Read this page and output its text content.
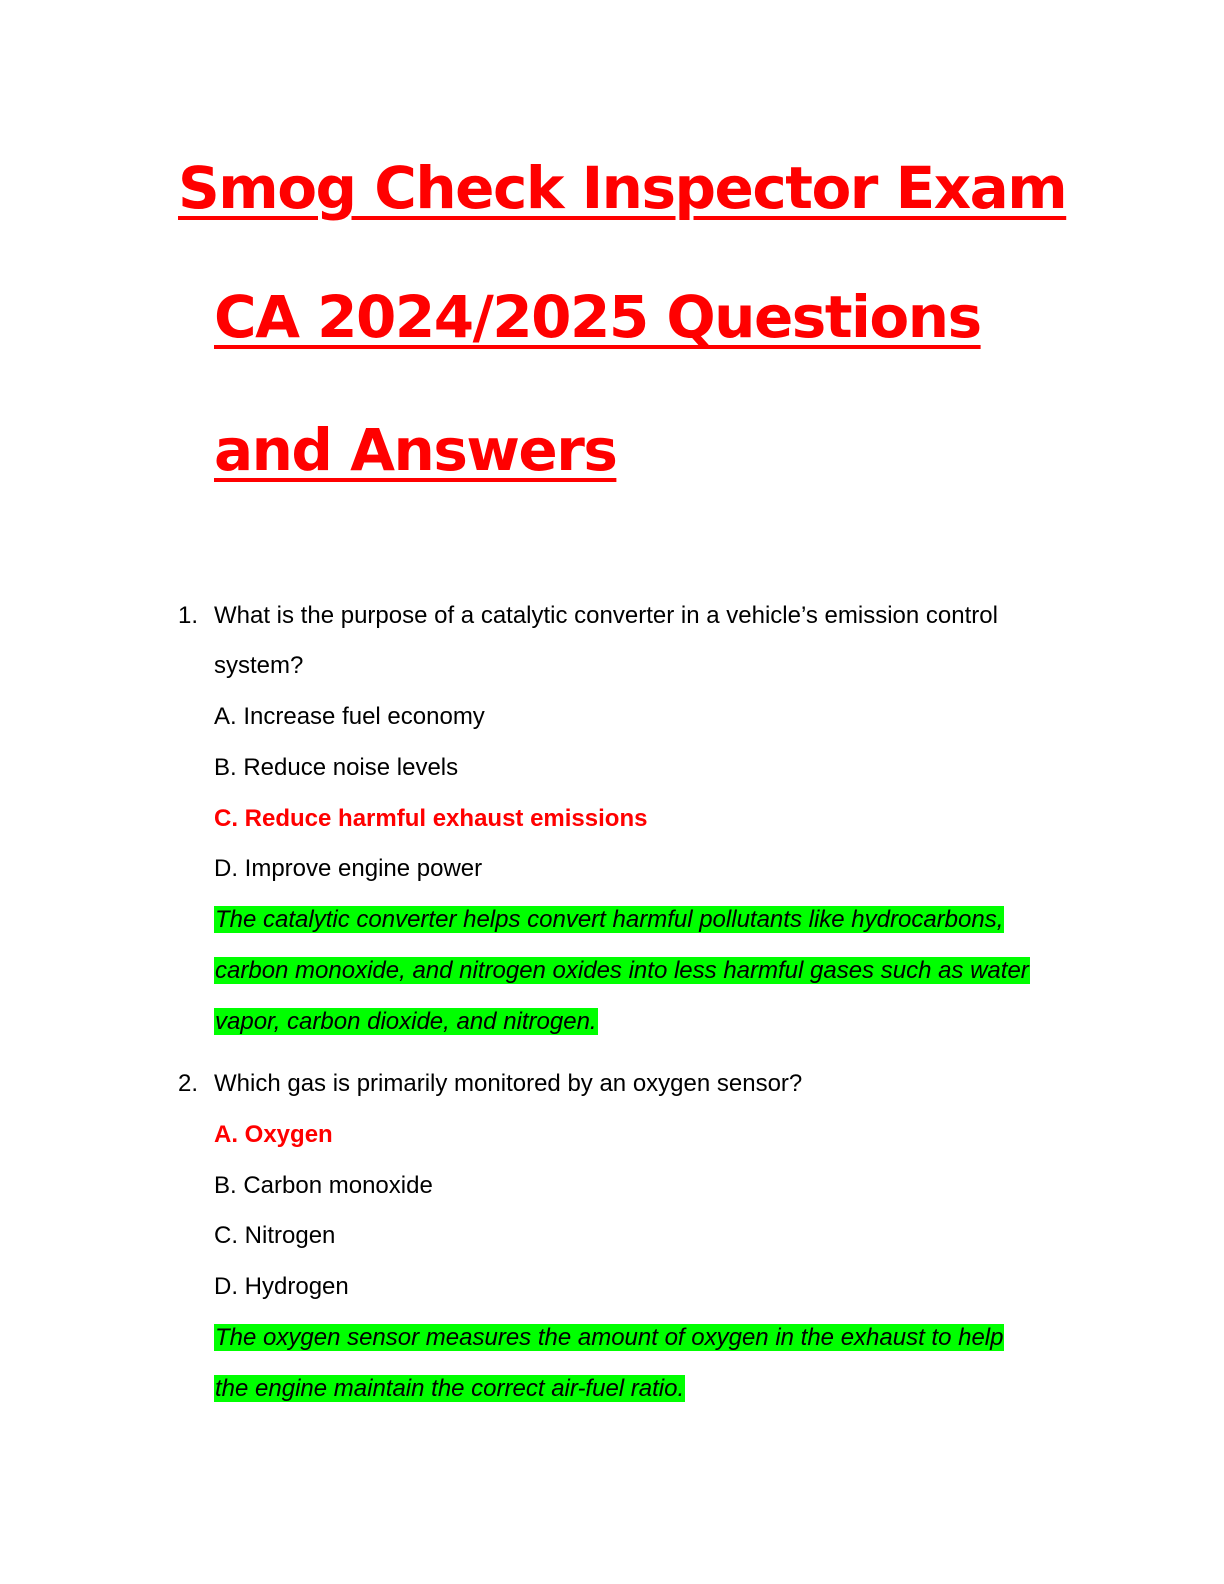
Smog Check Inspector Exam
CA 2024/2025 Questions
and Answers

1. What is the purpose of a catalytic converter in a vehicle’s emission control

system?

A. Increase fuel economy

B. Reduce noise levels

C. Reduce harmful exhaust emissions

D. Improve engine power

The catalytic converter helps convert harmful pollutants like hydrocarbons,

carbon monoxide, and nitrogen oxides into less harmful gases such as water

vapor, carbon dioxide, and nitrogen.

2. Which gas is primarily monitored by an oxygen sensor?

A. Oxygen

B. Carbon monoxide

C. Nitrogen

D. Hydrogen

The oxygen sensor measures the amount of oxygen in the exhaust to help

the engine maintain the correct air-fuel ratio.
